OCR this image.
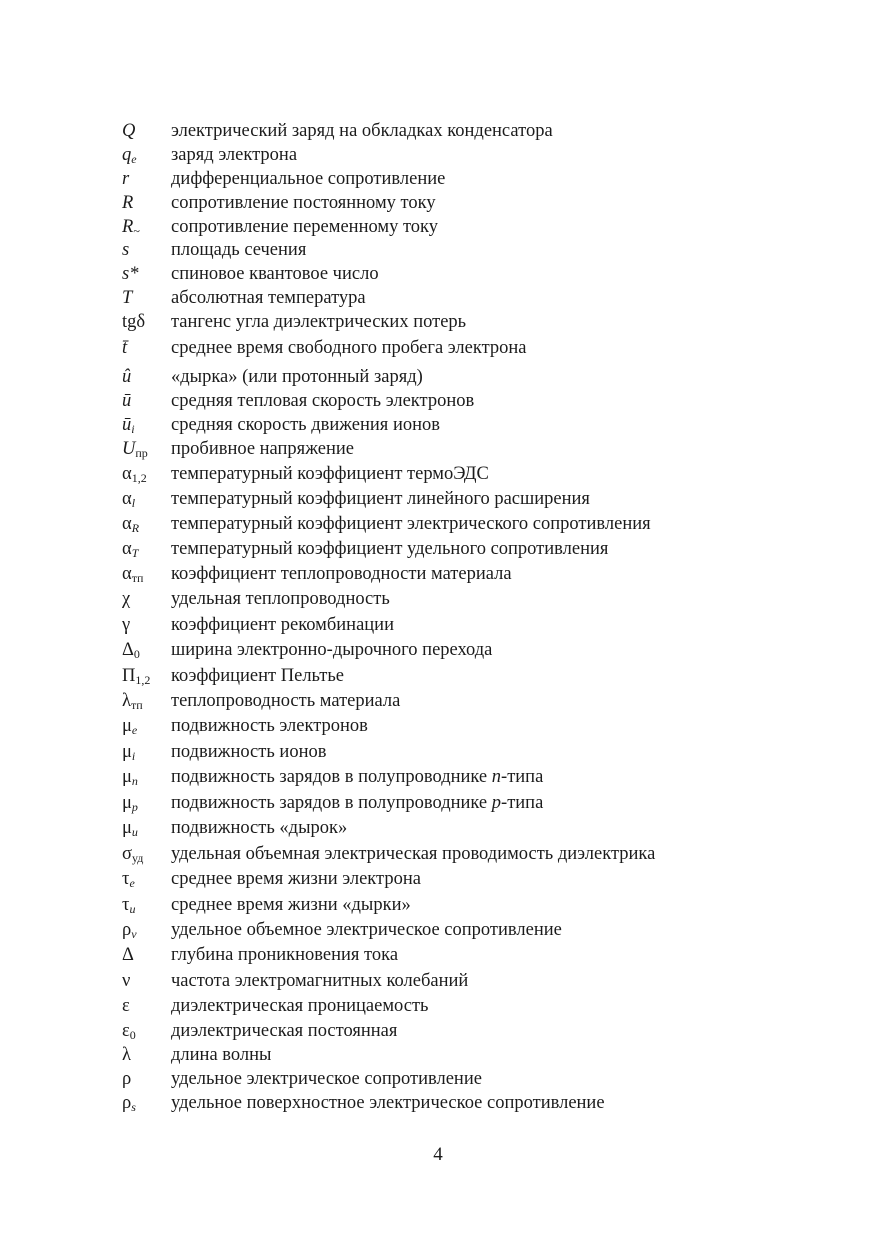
Q электрический заряд на обкладках конденсатора
$q_e$ заряд электрона
r дифференциальное сопротивление
R сопротивление постоянному току
$R_\sim$ сопротивление переменному току
s площадь сечения
s* спиновое квантовое число
T абсолютная температура
tgδ тангенс угла диэлектрических потерь
t̄ среднее время свободного пробега электрона
û «дырка» (или протонный заряд)
ū средняя тепловая скорость электронов
$ū_i$ средняя скорость движения ионов
$U_{пр}$ пробивное напряжение
$\alpha_{1,2}$ температурный коэффициент термоЭДС
$\alpha_l$ температурный коэффициент линейного расширения
$\alpha_R$ температурный коэффициент электрического сопротивления
$\alpha_T$ температурный коэффициент удельного сопротивления
$\alpha_{тп}$ коэффициент теплопроводности материала
χ удельная теплопроводность
γ коэффициент рекомбинации
$\Delta_0$ ширина электронно-дырочного перехода
$П_{1,2}$ коэффициент Пельтье
$\lambda_{тп}$ теплопроводность материала
$\mu_e$ подвижность электронов
$\mu_i$ подвижность ионов
$\mu_n$ подвижность зарядов в полупроводнике n-типа
$\mu_p$ подвижность зарядов в полупроводнике p-типа
$\mu_u$ подвижность «дырок»
$\sigma_{уд}$ удельная объемная электрическая проводимость диэлектрика
$\tau_e$ среднее время жизни электрона
$\tau_u$ среднее время жизни «дырки»
$\rho_v$ удельное объемное электрическое сопротивление
Δ глубина проникновения тока
ν частота электромагнитных колебаний
ε диэлектрическая проницаемость
$\varepsilon_0$ диэлектрическая постоянная
λ длина волны
ρ удельное электрическое сопротивление
$\rho_s$ удельное поверхностное электрическое сопротивление
4
